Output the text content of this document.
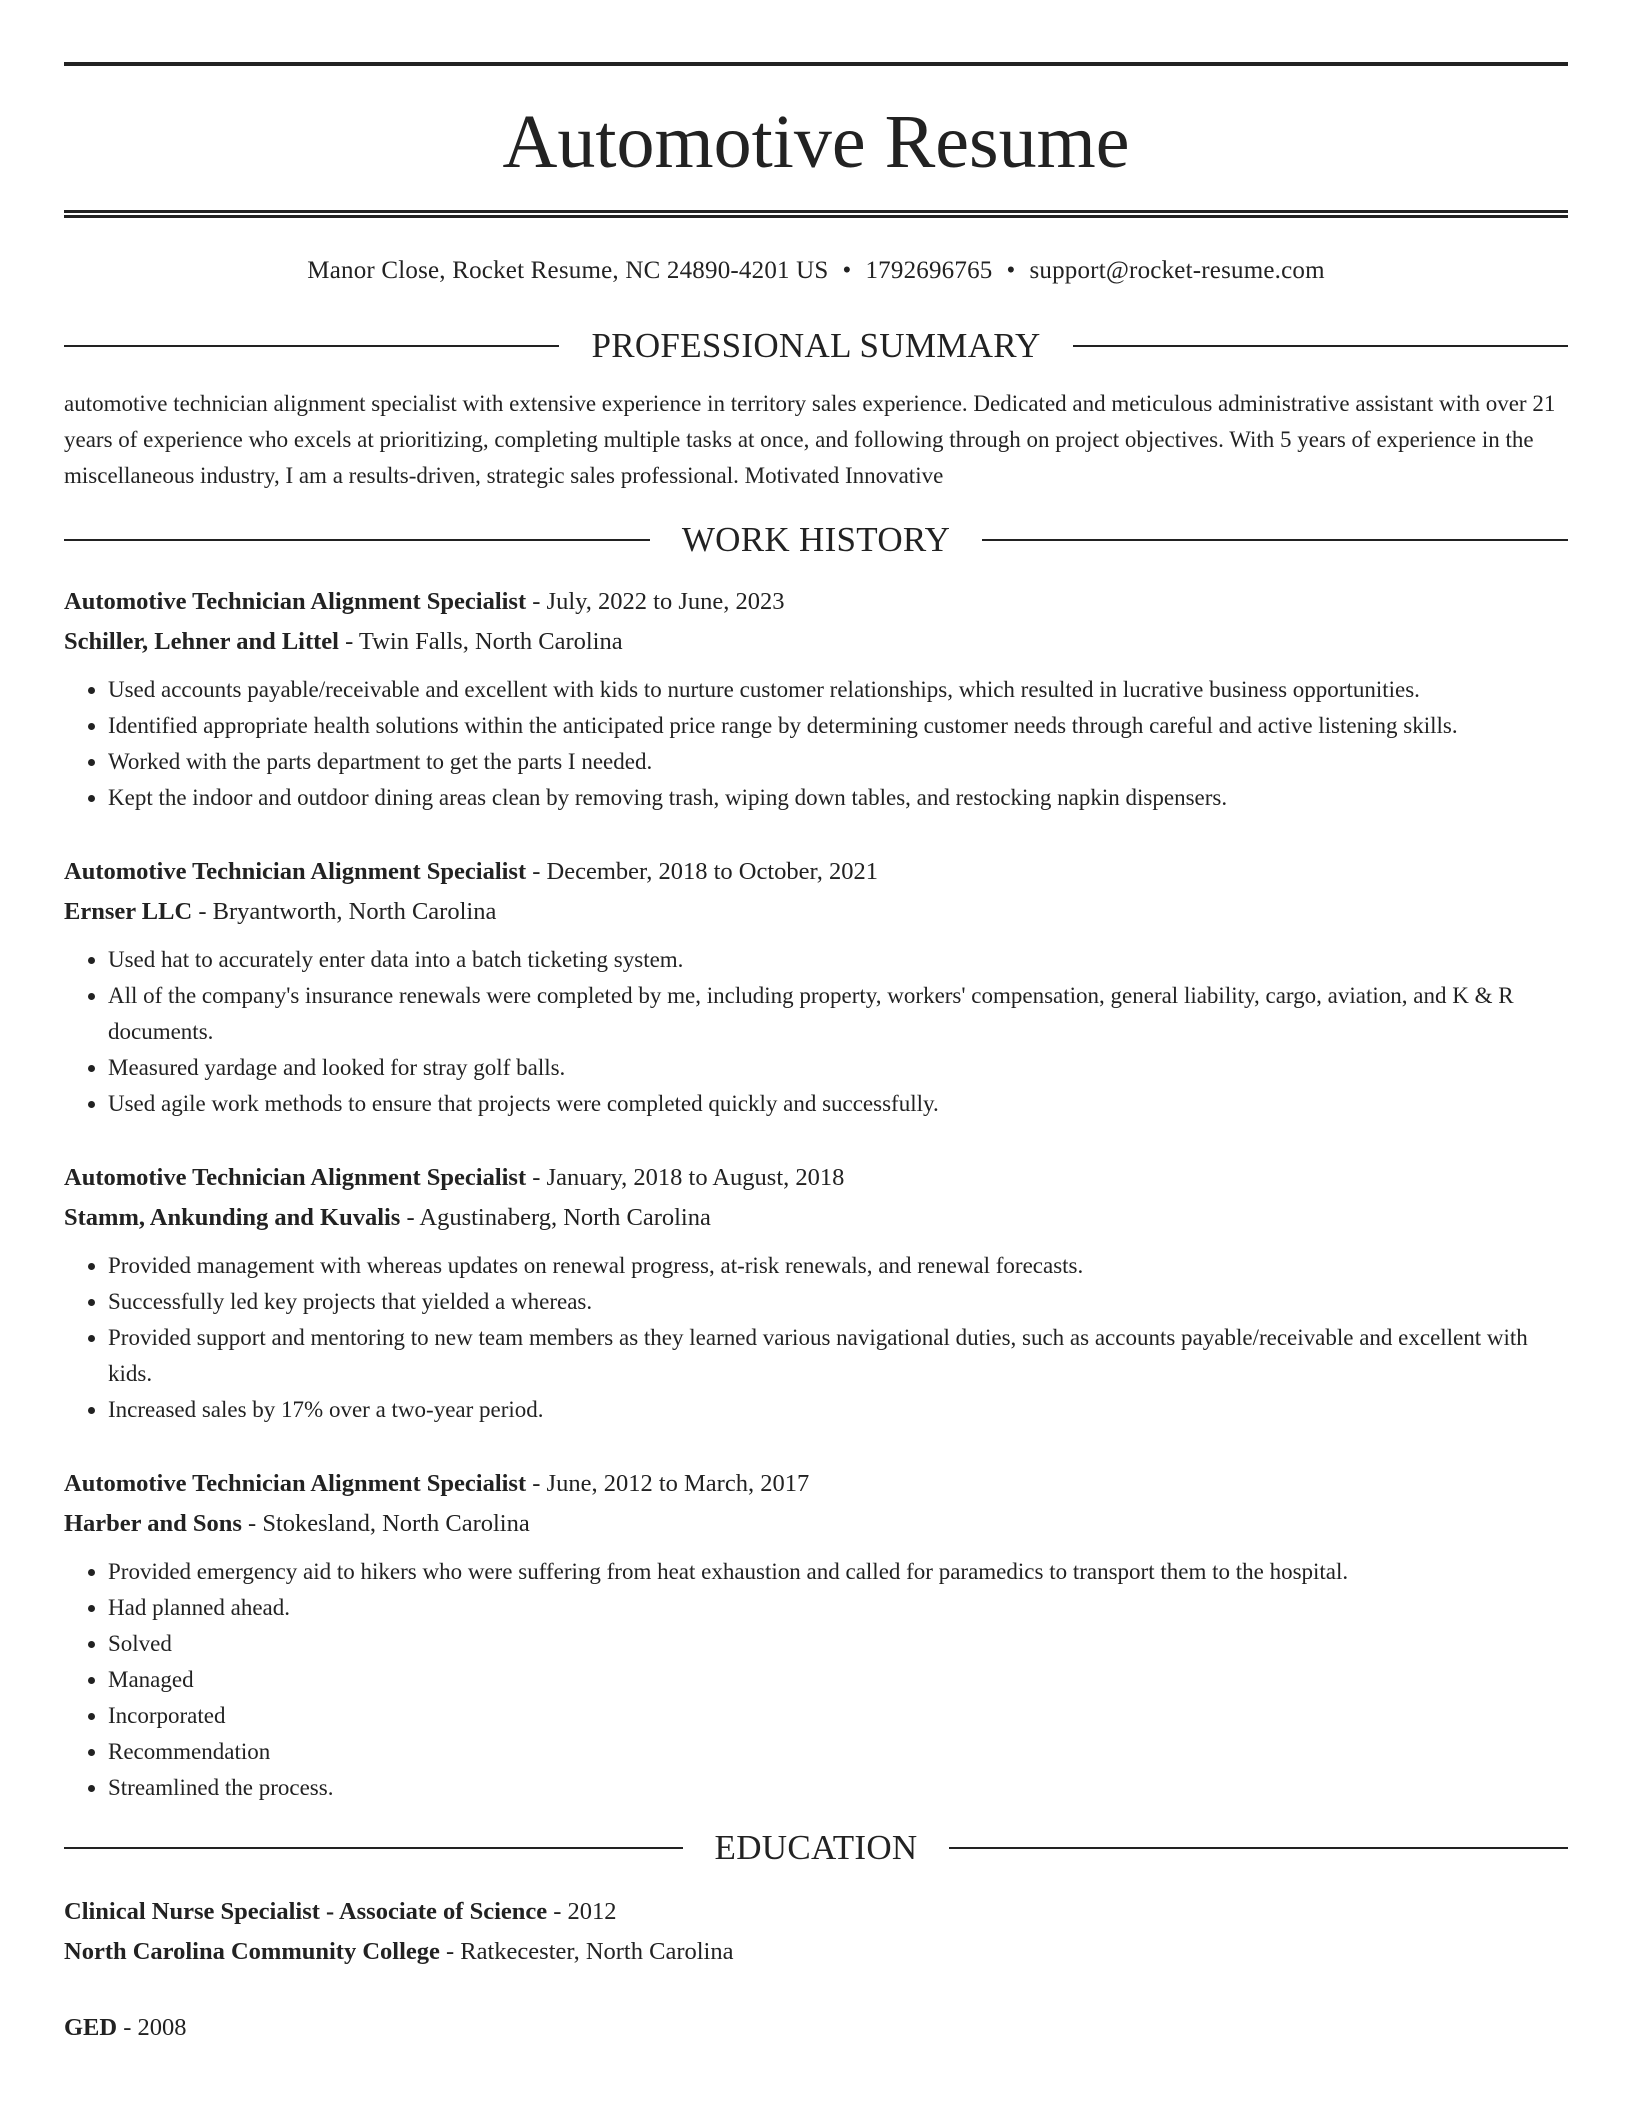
Automotive Resume
Manor Close, Rocket Resume, NC 24890-4201 US • 1792696765 • support@rocket-resume.com
PROFESSIONAL SUMMARY

automotive technician alignment specialist with extensive experience in territory sales experience. Dedicated and meticulous administrative assistant with over 21 years of experience who excels at prioritizing, completing multiple tasks at once, and following through on project objectives. With 5 years of experience in the miscellaneous industry, I am a results-driven, strategic sales professional. Motivated Innovative

WORK HISTORY
Automotive Technician Alignment Specialist - July, 2022 to June, 2023
Schiller, Lehner and Littel - Twin Falls, North Carolina
• Used accounts payable/receivable and excellent with kids to nurture customer relationships, which resulted in lucrative business opportunities.
• Identified appropriate health solutions within the anticipated price range by determining customer needs through careful and active listening skills.
• Worked with the parts department to get the parts I needed.
• Kept the indoor and outdoor dining areas clean by removing trash, wiping down tables, and restocking napkin dispensers.
Automotive Technician Alignment Specialist - December, 2018 to October, 2021
Ernser LLC - Bryantworth, North Carolina
• Used hat to accurately enter data into a batch ticketing system.
• All of the company's insurance renewals were completed by me, including property, workers' compensation, general liability, cargo, aviation, and K & R documents.
• Measured yardage and looked for stray golf balls.
• Used agile work methods to ensure that projects were completed quickly and successfully.
Automotive Technician Alignment Specialist - January, 2018 to August, 2018
Stamm, Ankunding and Kuvalis - Agustinaberg, North Carolina
• Provided management with whereas updates on renewal progress, at-risk renewals, and renewal forecasts.
• Successfully led key projects that yielded a whereas.
• Provided support and mentoring to new team members as they learned various navigational duties, such as accounts payable/receivable and excellent with kids.
• Increased sales by 17% over a two-year period.
Automotive Technician Alignment Specialist - June, 2012 to March, 2017
Harber and Sons - Stokesland, North Carolina
• Provided emergency aid to hikers who were suffering from heat exhaustion and called for paramedics to transport them to the hospital.
• Had planned ahead.
• Solved
• Managed
• Incorporated
• Recommendation
• Streamlined the process.
EDUCATION
Clinical Nurse Specialist - Associate of Science - 2012
North Carolina Community College - Ratkecester, North Carolina
GED - 2008
